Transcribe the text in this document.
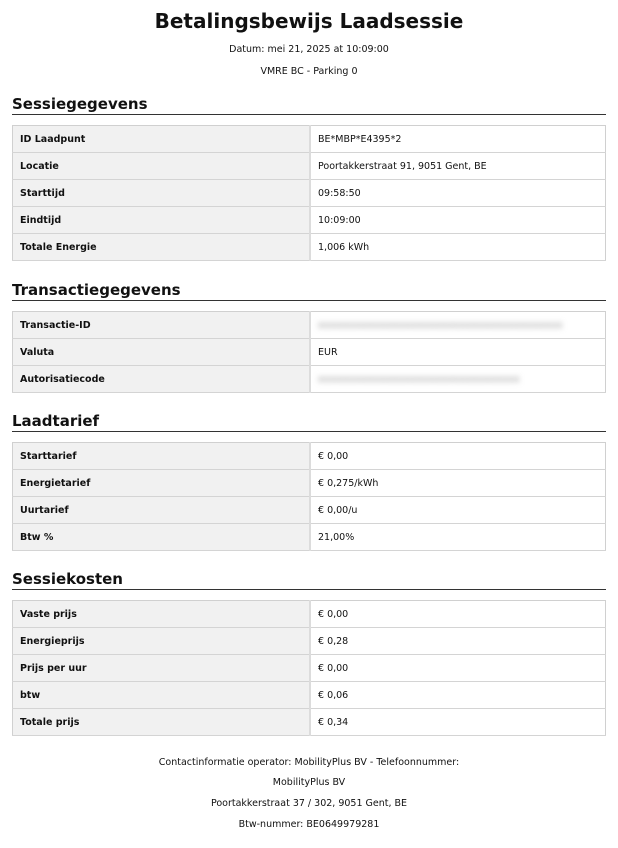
Betalingsbewijs Laadsessie
Datum: mei 21, 2025 at 10:09:00
VMRE BC - Parking 0
Sessiegegevens
ID Laadpunt	BE*MBP*E4395*2
Locatie	Poortakkerstraat 91, 9051 Gent, BE
Starttijd	09:58:50
Eindtijd	10:09:00
Totale Energie	1,006 kWh
Transactiegegevens
Transactie-ID	xxxxxxxxxxxxxxxxxxxxxxxxxxxxxxxxxxxxxxxx
Valuta	EUR
Autorisatiecode	xxxxxxxxxxxxxxxxxxxxxxxxxxxxxxxxx
Laadtarief
Starttarief	€ 0,00
Energietarief	€ 0,275/kWh
Uurtarief	€ 0,00/u
Btw %	21,00%
Sessiekosten
Vaste prijs	€ 0,00
Energieprijs	€ 0,28
Prijs per uur	€ 0,00
btw	€ 0,06
Totale prijs	€ 0,34
Contactinformatie operator: MobilityPlus BV - Telefoonnummer:
MobilityPlus BV
Poortakkerstraat 37 / 302, 9051 Gent, BE
Btw-nummer: BE0649979281
